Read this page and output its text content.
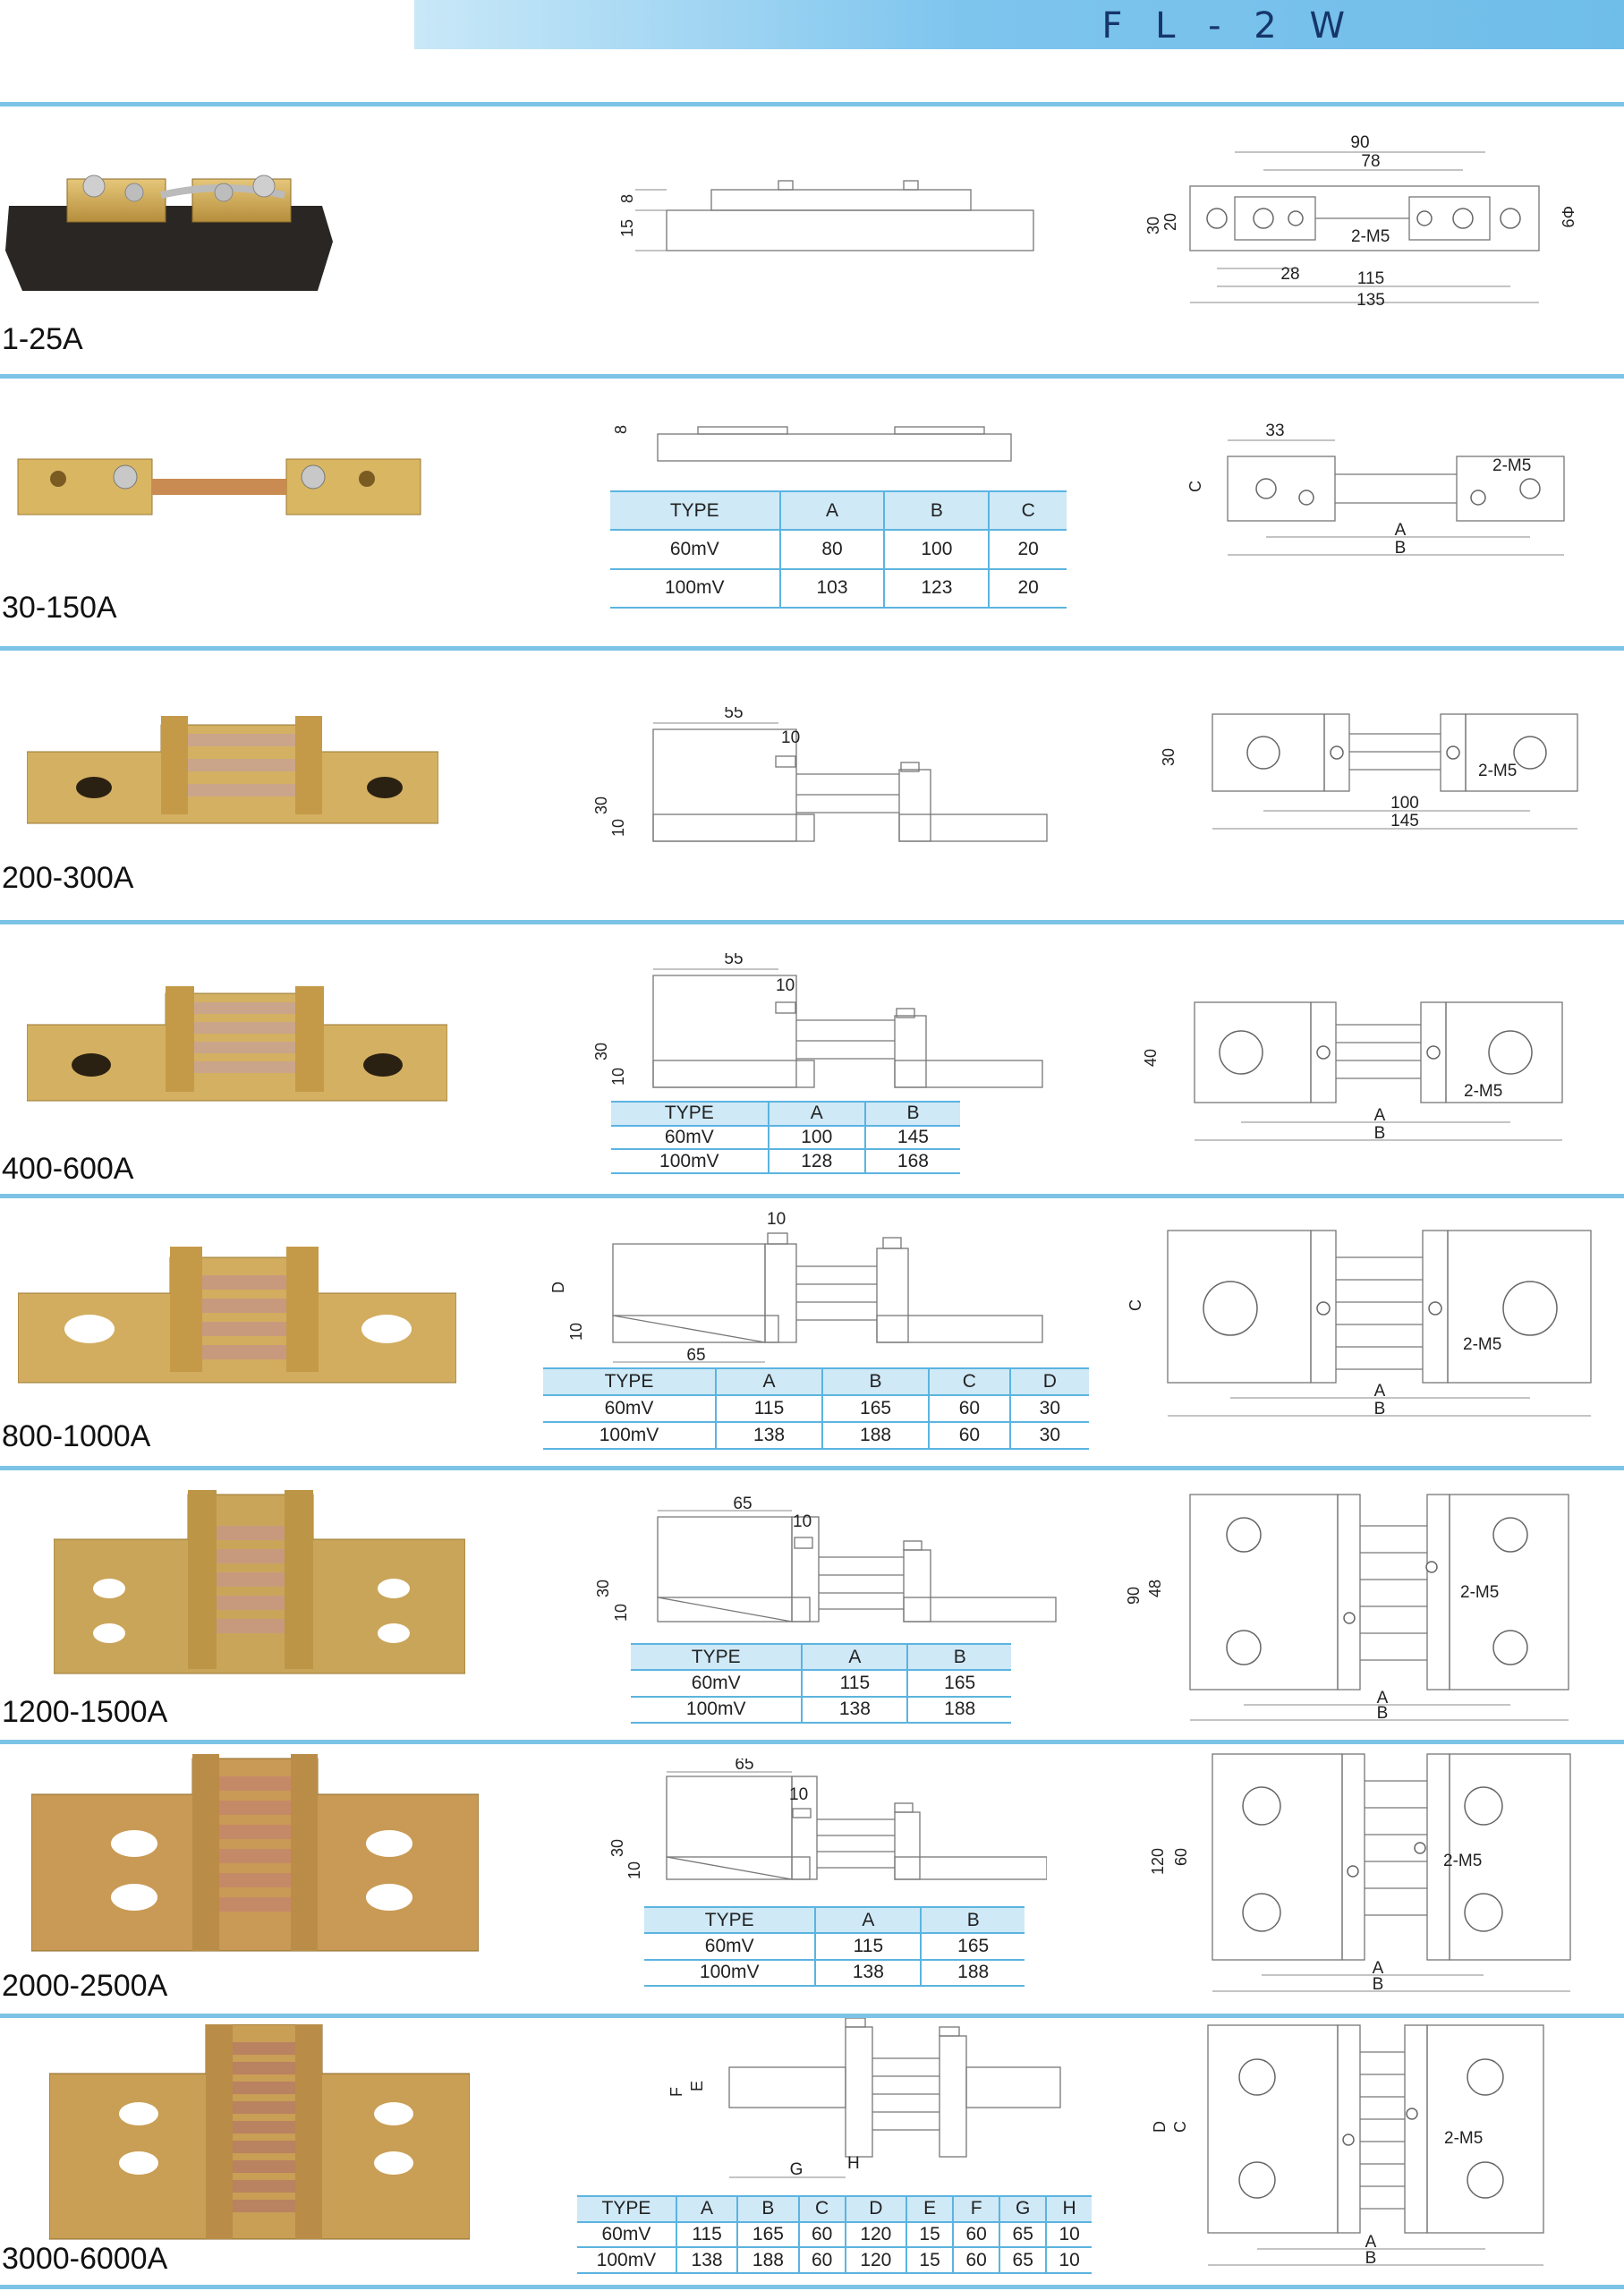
F L - 2 W
1-25A
8
15
90
78
28	115
135
30 20
2-M5
Φ9
30-150A
8
TYPE	A	B	C
60mV	80	100	20
100mV	103	123	20
33
C
2-M5
A
B
200-300A
55
10
30
10
30
2-M5
100
145
400-600A
55
10
30
10
TYPE	A	B
60mV	100	145
100mV	128	168
40
2-M5
A
B
800-1000A
10
D
10
65
TYPE	A	B	C	D
60mV	115	165	60	30
100mV	138	188	60	30
C
2-M5
A
B
1200-1500A
65
10
30
10
TYPE	A	B
60mV	115	165
100mV	138	188
90 48	2-M5
A
B
2000-2500A
65
10
30
10
TYPE	A	B
60mV	115	165
100mV	138	188
120 60	2-M5
A
B
3000-6000A
F
E
H
G
TYPE	A	B	C	D	E	F	G	H
60mV	115	165	60	120	15	60	65	10
100mV	138	188	60	120	15	60	65	10
D C
2-M5
A
B
